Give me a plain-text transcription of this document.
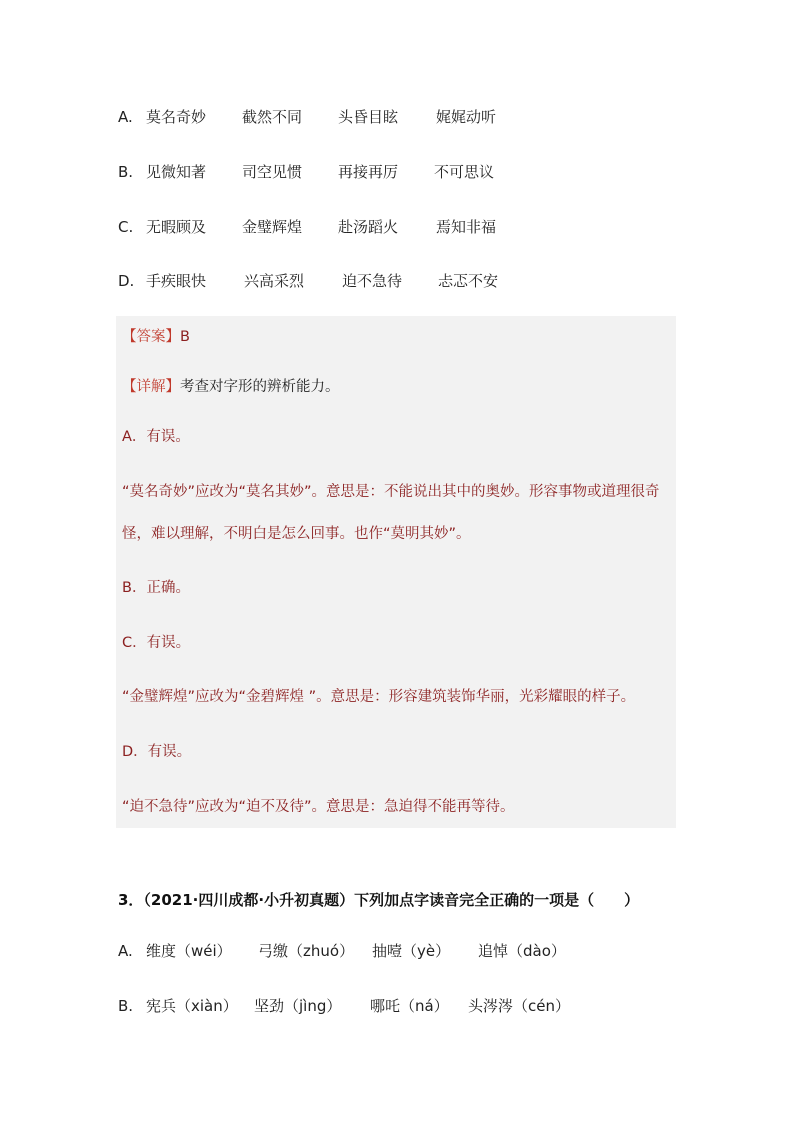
A. 莫名奇妙 截然不同 头昏目眩	娓娓动听
B. 见微知著 司空见惯 再接再厉 不可思议
C. 无暇顾及 金璧辉煌 赴汤蹈火	焉知非福
D. 手疾眼快	兴高采烈	迫不急待 忐忑不安
【答案】B
【详解】考查对字形的辨析能力。
A．有误。
“莫名奇妙”应改为“莫名其妙”。意思是：不能说出其中的奥妙。形容事物或道理很奇怪，难以理解，不明白是怎么回事。也作“莫明其妙”。
B．正确。
C．有误。
“金璧辉煌”应改为“金碧辉煌 ”。意思是：形容建筑装饰华丽，光彩耀眼的样子。
D．有误。
“迫不急待”应改为“迫不及待”。意思是：急迫得不能再等待。
3．（2021·四川成都·小升初真题）下列加点字读音完全正确的一项是（　　）
A. 维度（wéi） 弓缴（zhuó） 抽噎（yè） 追悼（dào）
B. 宪兵（xiàn） 坚劲（jìng） 哪吒（ná） 头涔涔（cén）
